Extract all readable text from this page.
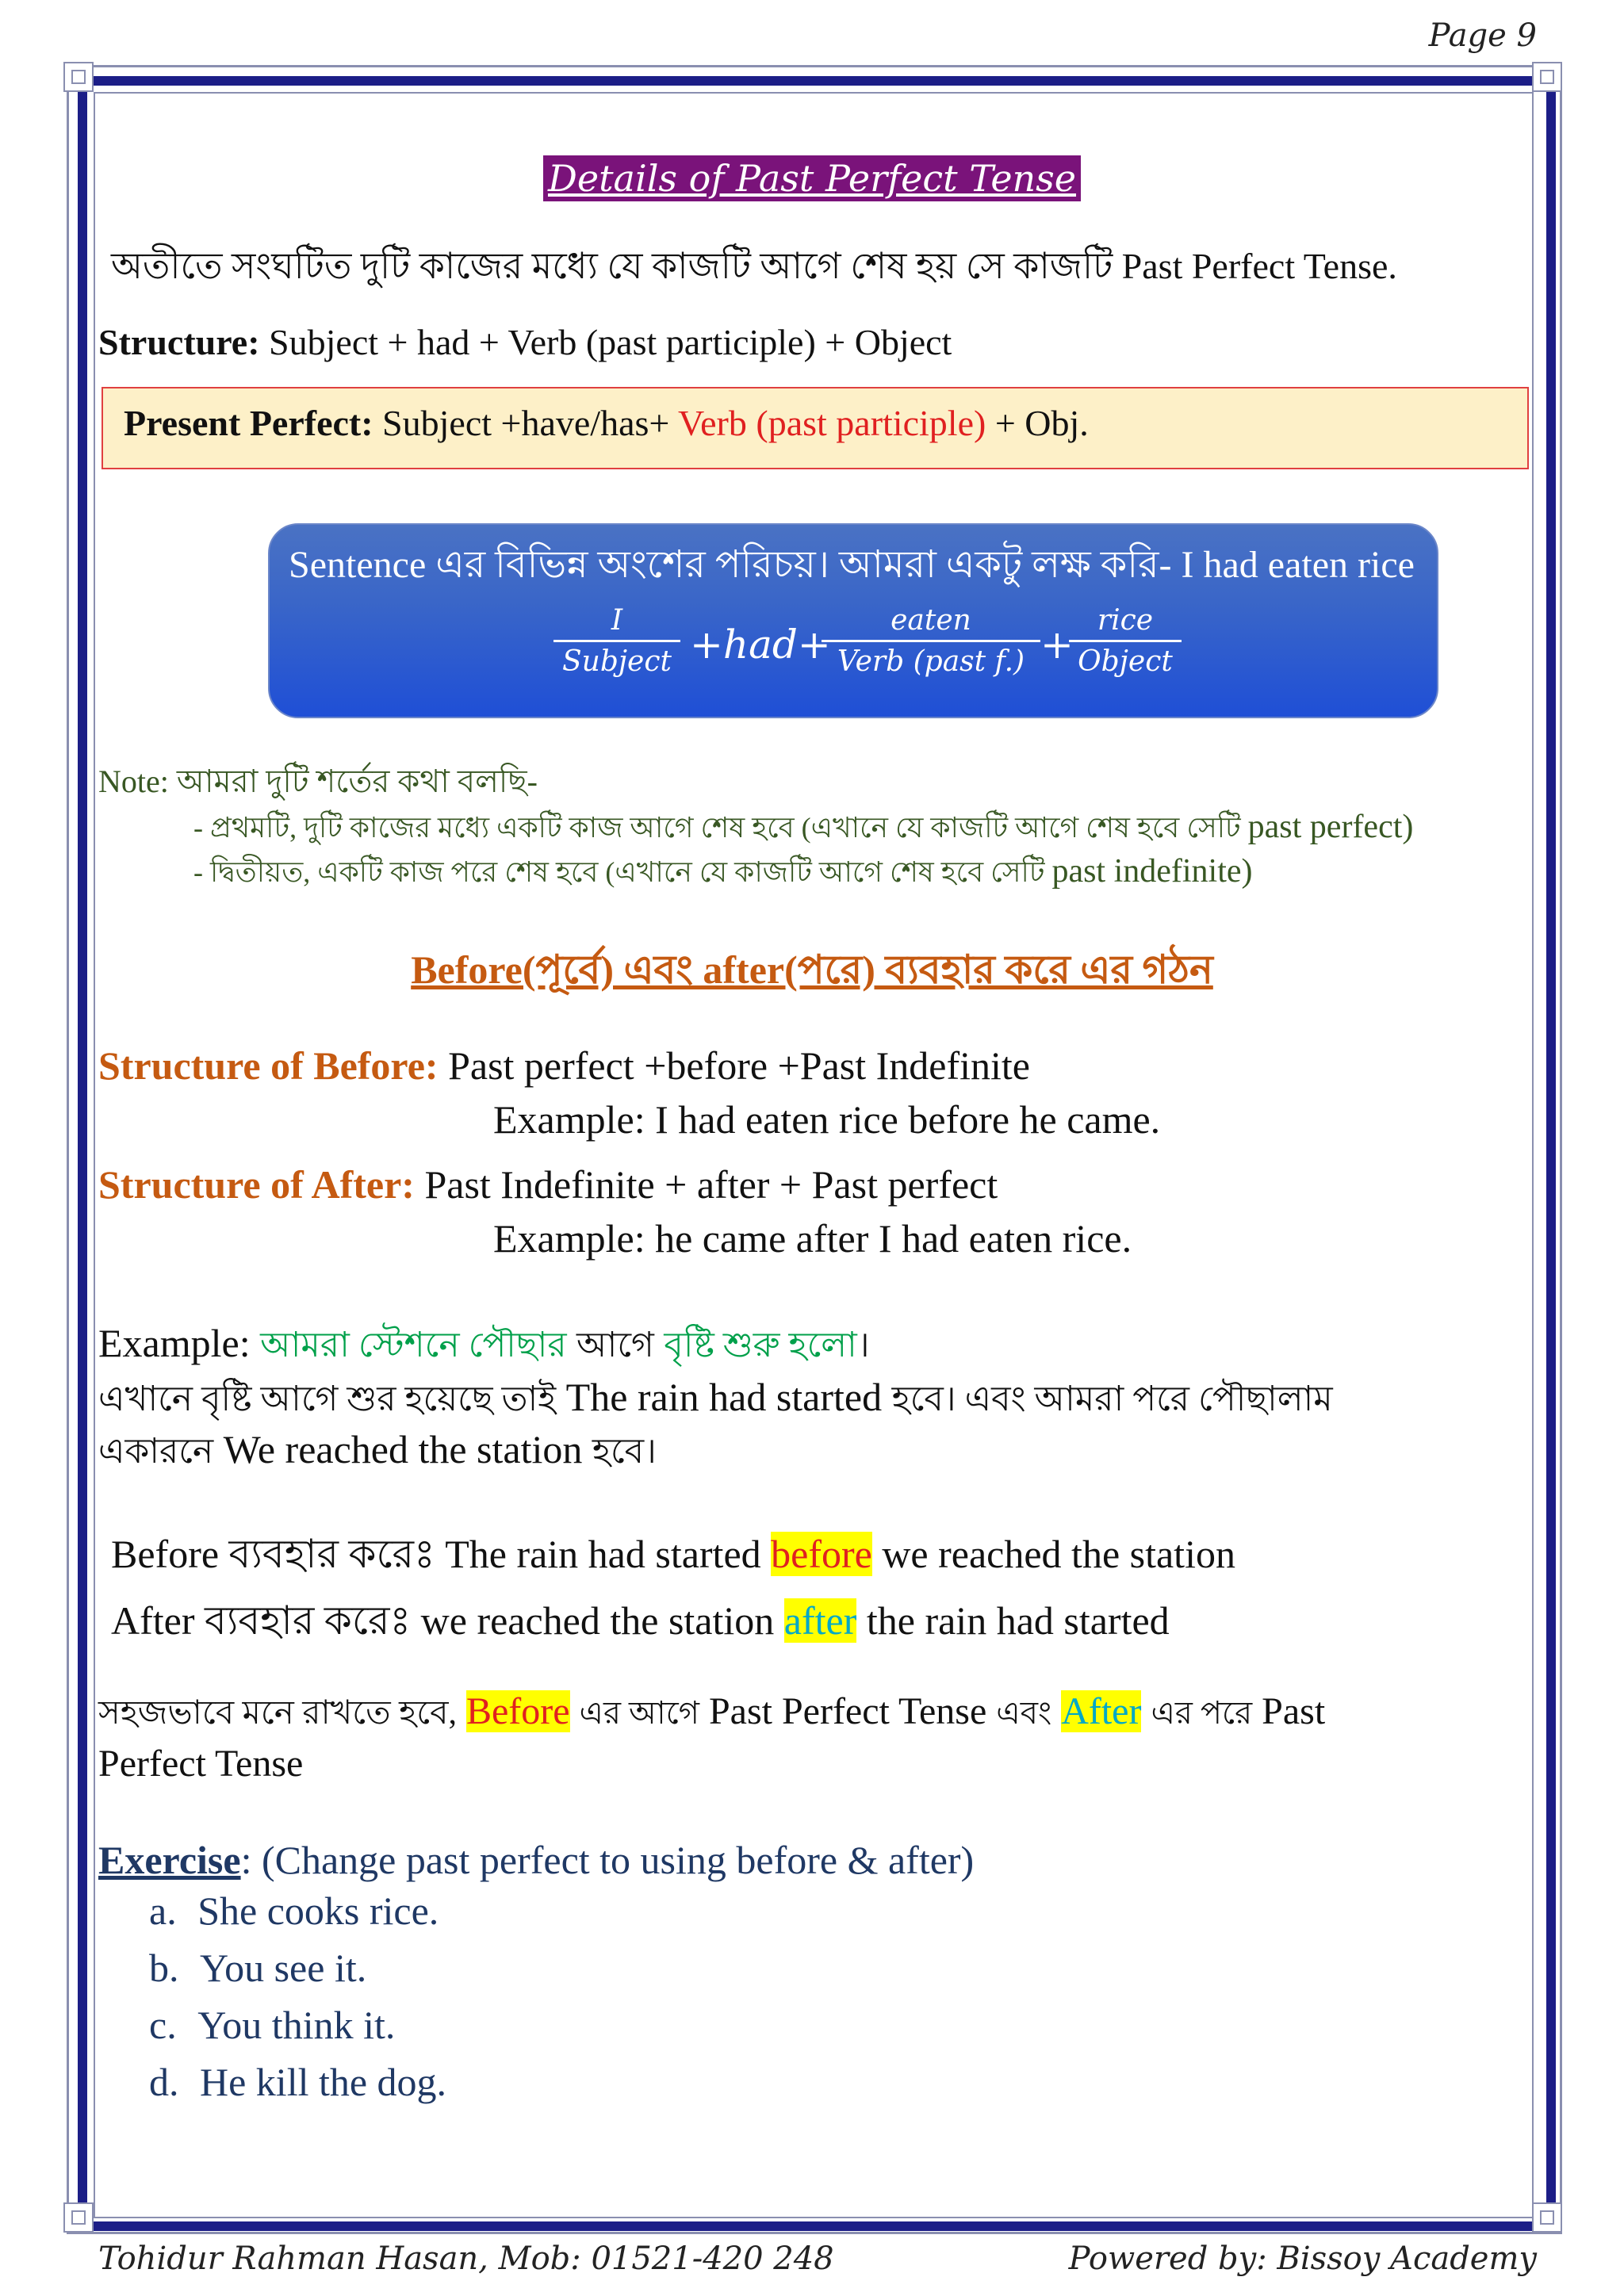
Page 9
Details of Past Perfect Tense
অতীতে সংঘটিত দুটি কাজের মধ্যে যে কাজটি আগে শেষ হয় সে কাজটি Past Perfect Tense.
Structure: Subject + had + Verb (past participle) + Object
Present Perfect: Subject +have/has+ Verb (past participle) + Obj.
Sentence এর বিভিন্ন অংশের পরিচয়। আমরা একটু লক্ষ করি- I had eaten rice
I
Subject +had+
eaten
Verb (past f.) +
rice
Object
Note: আমরা দুটি শর্তের কথা বলছি-
- প্রথমটি, দুটি কাজের মধ্যে একটি কাজ আগে শেষ হবে (এখানে যে কাজটি আগে শেষ হবে সেটি past perfect)
- দ্বিতীয়ত, একটি কাজ পরে শেষ হবে (এখানে যে কাজটি আগে শেষ হবে সেটি past indefinite)
Before(পূর্বে) এবং after(পরে) ব্যবহার করে এর গঠন
Structure of Before: Past perfect +before +Past Indefinite
Example: I had eaten rice before he came.
Structure of After: Past Indefinite + after + Past perfect
Example: he came after I had eaten rice.
Example: আমরা স্টেশনে পৌছার আগে বৃষ্টি শুরু হলো।
এখানে বৃষ্টি আগে শুর হয়েছে তাই The rain had started হবে। এবং আমরা পরে পৌছালাম
একারনে We reached the station হবে।
Before ব্যবহার করেঃ The rain had started before we reached the station
After ব্যবহার করেঃ we reached the station after the rain had started
সহজভাবে মনে রাখতে হবে, Before এর আগে Past Perfect Tense এবং After এর পরে Past
Perfect Tense
Exercise: (Change past perfect to using before & after)
a. She cooks rice.
b. You see it.
c. You think it.
d. He kill the dog.
Tohidur Rahman Hasan, Mob: 01521-420 248	Powered by: Bissoy Academy
